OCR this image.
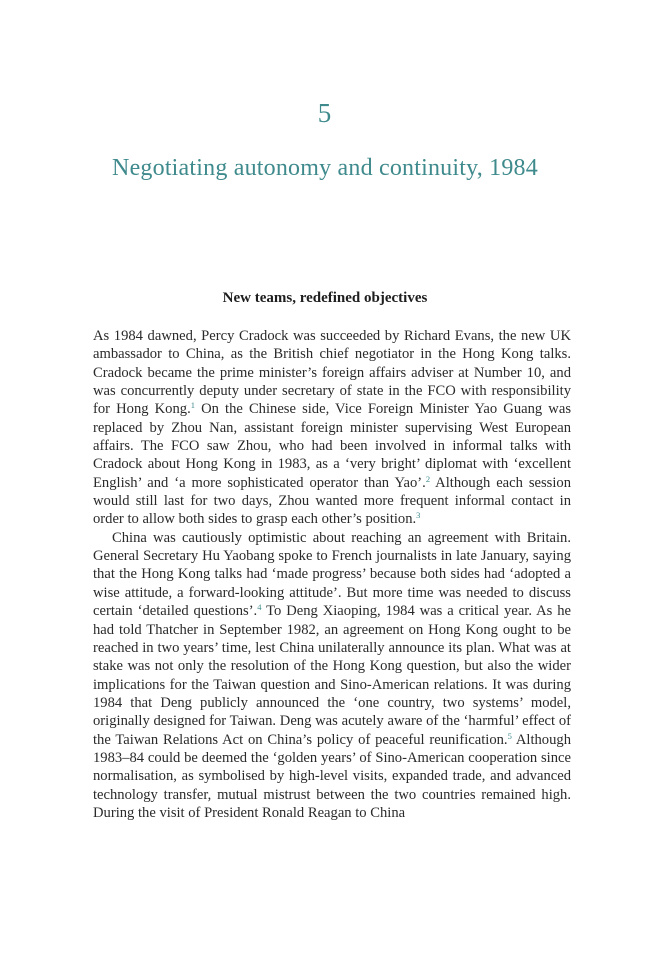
5
Negotiating autonomy and continuity, 1984
New teams, redefined objectives

As 1984 dawned, Percy Cradock was succeeded by Richard Evans, the new UK ambassador to China, as the British chief negotiator in the Hong Kong talks. Cradock became the prime minister’s foreign affairs adviser at Number 10, and was concurrently deputy under secretary of state in the FCO with responsibility for Hong Kong.$^1$ On the Chinese side, Vice Foreign Minister Yao Guang was replaced by Zhou Nan, assistant foreign minister supervising West European affairs. The FCO saw Zhou, who had been involved in informal talks with Cradock about Hong Kong in 1983, as a ‘very bright’ diplomat with ‘excellent English’ and ‘a more sophisticated operator than Yao’.$^2$ Although each session would still last for two days, Zhou wanted more frequent informal contact in order to allow both sides to grasp each other’s position.$^3$

China was cautiously optimistic about reaching an agreement with Britain. General Secretary Hu Yaobang spoke to French journalists in late January, saying that the Hong Kong talks had ‘made progress’ because both sides had ‘adopted a wise attitude, a forward-looking attitude’. But more time was needed to discuss certain ‘detailed questions’.$^4$ To Deng Xiaoping, 1984 was a critical year. As he had told Thatcher in September 1982, an agreement on Hong Kong ought to be reached in two years’ time, lest China unilaterally announce its plan. What was at stake was not only the resolution of the Hong Kong question, but also the wider implications for the Taiwan question and Sino-American relations. It was during 1984 that Deng publicly announced the ‘one country, two systems’ model, originally designed for Taiwan. Deng was acutely aware of the ‘harmful’ effect of the Taiwan Relations Act on China’s policy of peaceful reunification.$^5$ Although 1983–84 could be deemed the ‘golden years’ of Sino-American cooperation since normalisation, as symbolised by high-level visits, expanded trade, and advanced technology transfer, mutual mistrust between the two countries remained high. During the visit of President Ronald Reagan to China
